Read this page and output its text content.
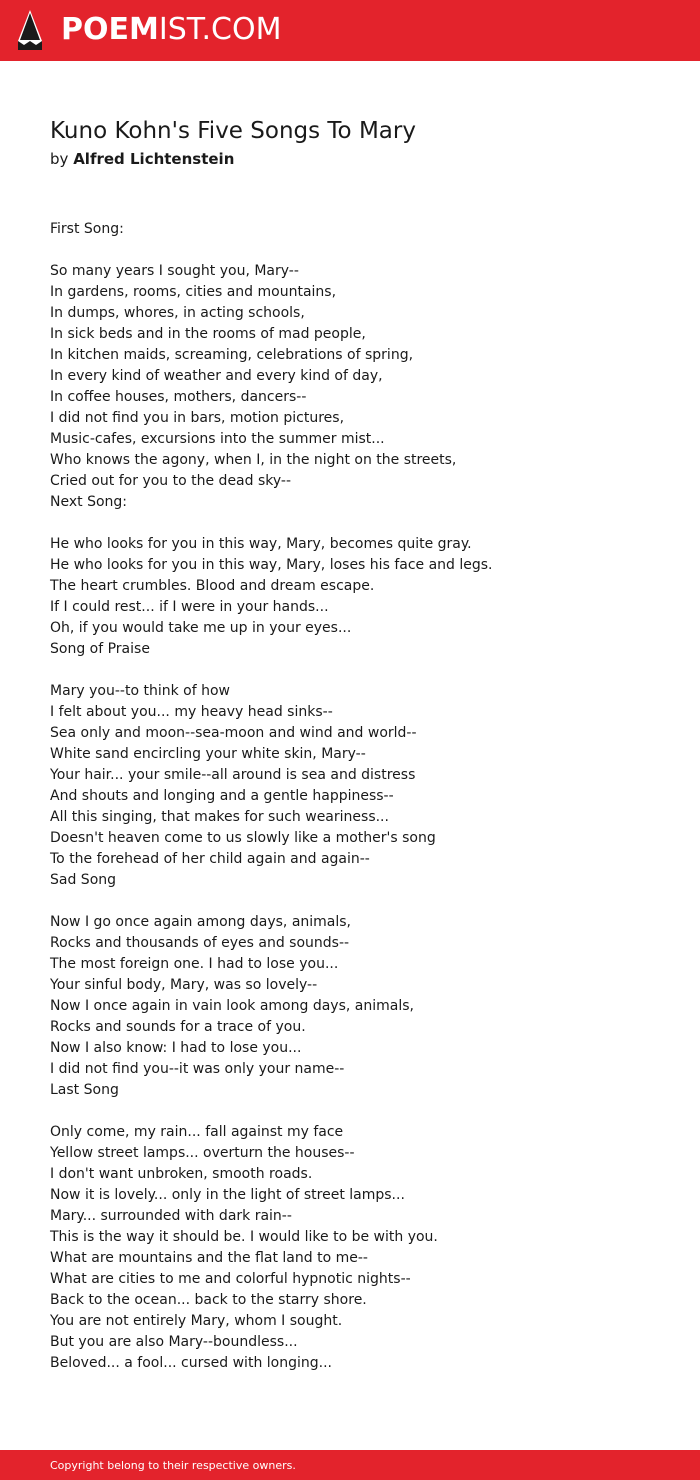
POEMIST.COM
Kuno Kohn's Five Songs To Mary
by Alfred Lichtenstein
First Song:
So many years I sought you, Mary--
In gardens, rooms, cities and mountains,
In dumps, whores, in acting schools,
In sick beds and in the rooms of mad people,
In kitchen maids, screaming, celebrations of spring,
In every kind of weather and every kind of day,
In coffee houses, mothers, dancers--
I did not find you in bars, motion pictures,
Music-cafes, excursions into the summer mist...
Who knows the agony, when I, in the night on the streets,
Cried out for you to the dead sky--
Next Song:
He who looks for you in this way, Mary, becomes quite gray.
He who looks for you in this way, Mary, loses his face and legs.
The heart crumbles. Blood and dream escape.
If I could rest... if I were in your hands...
Oh, if you would take me up in your eyes...
Song of Praise
Mary you--to think of how
I felt about you... my heavy head sinks--
Sea only and moon--sea-moon and wind and world--
White sand encircling your white skin, Mary--
Your hair... your smile--all around is sea and distress
And shouts and longing and a gentle happiness--
All this singing, that makes for such weariness...
Doesn't heaven come to us slowly like a mother's song
To the forehead of her child again and again--
Sad Song
Now I go once again among days, animals,
Rocks and thousands of eyes and sounds--
The most foreign one. I had to lose you...
Your sinful body, Mary, was so lovely--
Now I once again in vain look among days, animals,
Rocks and sounds for a trace of you.
Now I also know: I had to lose you...
I did not find you--it was only your name--
Last Song
Only come, my rain... fall against my face
Yellow street lamps... overturn the houses--
I don't want unbroken, smooth roads.
Now it is lovely... only in the light of street lamps...
Mary... surrounded with dark rain--
This is the way it should be. I would like to be with you.
What are mountains and the flat land to me--
What are cities to me and colorful hypnotic nights--
Back to the ocean... back to the starry shore.
You are not entirely Mary, whom I sought.
But you are also Mary--boundless...
Beloved... a fool... cursed with longing...
Copyright belong to their respective owners.
